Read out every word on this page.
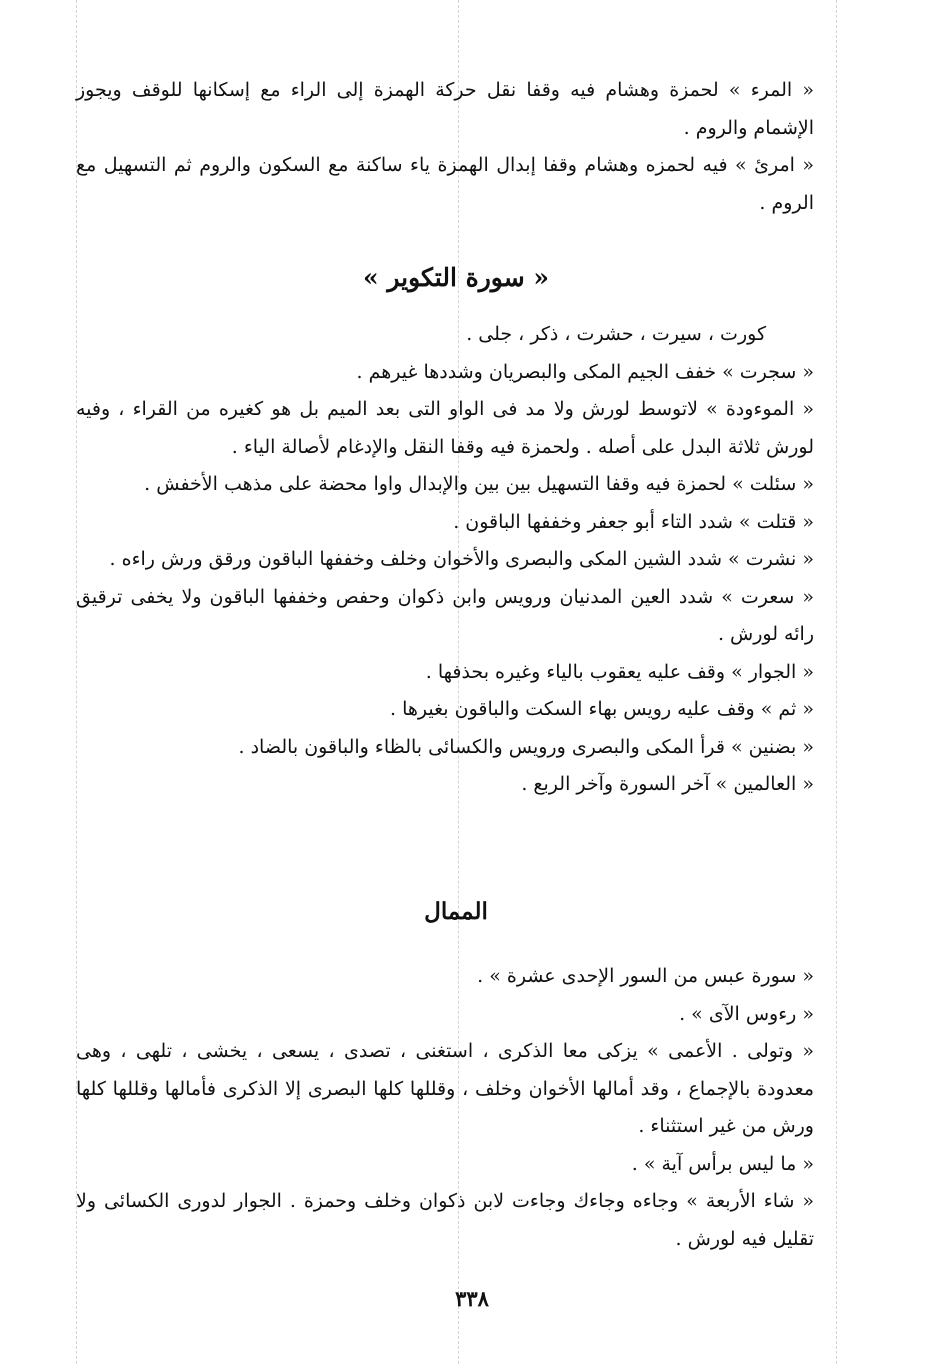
« المرء » لحمزة وهشام فيه وقفا نقل حركة الهمزة إلى الراء مع إسكانها للوقف ويجوز الإشمام والروم .

« امرئ » فيه لحمزه وهشام وقفا إبدال الهمزة ياء ساكنة مع السكون والروم ثم التسهيل مع الروم .

« سورة التكوير »

كورت ، سيرت ، حشرت ، ذكر ، جلى .

« سجرت » خفف الجيم المكى والبصريان وشددها غيرهم .

« الموءودة » لاتوسط لورش ولا مد فى الواو التى بعد الميم بل هو كغيره من القراء ، وفيه لورش ثلاثة البدل على أصله . ولحمزة فيه وقفا النقل والإدغام لأصالة الياء .

« سئلت » لحمزة فيه وقفا التسهيل بين بين والإبدال واوا محضة على مذهب الأخفش .

« قتلت » شدد التاء أبو جعفر وخففها الباقون .

« نشرت » شدد الشين المكى والبصرى والأخوان وخلف وخففها الباقون ورقق ورش راءه .

« سعرت » شدد العين المدنيان ورويس وابن ذكوان وحفص وخففها الباقون ولا يخفى ترقيق رائه لورش .

« الجوار » وقف عليه يعقوب بالياء وغيره بحذفها .

« ثم » وقف عليه رويس بهاء السكت والباقون بغيرها .

« بضنين » قرأ المكى والبصرى ورويس والكسائى بالظاء والباقون بالضاد .

« العالمين » آخر السورة وآخر الربع .

الممال

« سورة عبس من السور الإحدى عشرة » .

« رءوس الآى » .

« وتولى . الأعمى » يزكى معا الذكرى ، استغنى ، تصدى ، يسعى ، يخشى ، تلهى ، وهى معدودة بالإجماع ، وقد أمالها الأخوان وخلف ، وقللها كلها البصرى إلا الذكرى فأمالها وقللها كلها ورش من غير استثناء .

« ما ليس برأس آية » .

« شاء الأربعة » وجاءه وجاءك وجاءت لابن ذكوان وخلف وحمزة . الجوار لدورى الكسائى ولا تقليل فيه لورش .

٣٣٨
